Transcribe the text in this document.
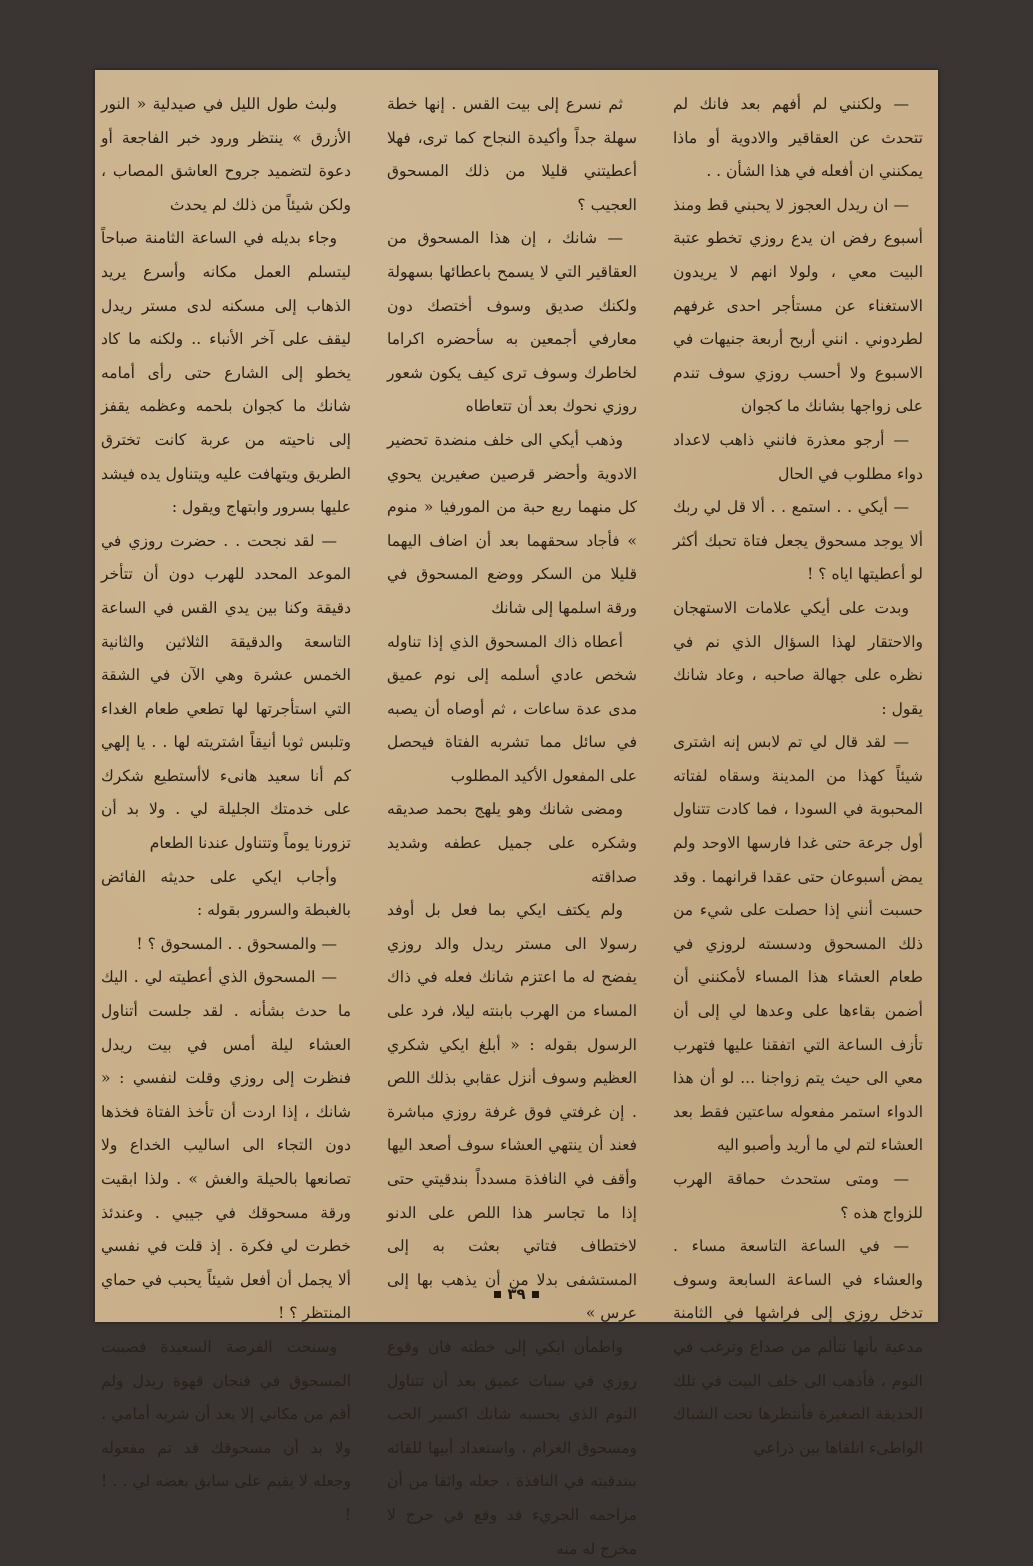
— ولكنني لم أفهم بعد فانك لم تتحدث عن العقاقير والادوية أو ماذا يمكنني ان أفعله في هذا الشأن . .

— ان ريدل العجوز لا يحبني قط ومنذ أسبوع رفض ان يدع روزي تخطو عتبة البيت معي ، ولولا انهم لا يريدون الاستغناء عن مستأجر احدى غرفهم لطردوني . انني أربح أربعة جنيهات في الاسبوع ولا أحسب روزي سوف تندم على زواجها بشانك ما كجوان

— أرجو معذرة فانني ذاهب لاعداد دواء مطلوب في الحال

— أيكي . . استمع . . ألا قل لي ربك ألا يوجد مسحوق يجعل فتاة تحبك أكثر لو أعطيتها اياه ؟ !

وبدت على أيكي علامات الاستهجان والاحتقار لهذا السؤال الذي نم في نظره على جهالة صاحبه ، وعاد شانك يقول :

— لقد قال لي تم لابس إنه اشترى شيئاً كهذا من المدينة وسقاه لفتاته المحبوبة في السودا ، فما كادت تتناول أول جرعة حتى غدا فارسها الاوحد ولم يمض أسبوعان حتى عقدا قرانهما . وقد حسبت أنني إذا حصلت على شيء من ذلك المسحوق ودسسته لروزي في طعام العشاء هذا المساء لأمكنني أن أضمن بقاءها على وعدها لي إلى أن تأزف الساعة التي اتفقنا عليها فتهرب معي الى حيث يتم زواجنا ... لو أن هذا الدواء استمر مفعوله ساعتين فقط بعد العشاء لتم لي ما أريد وأصبو اليه

— ومتى ستحدث حماقة الهرب للزواج هذه ؟

— في الساعة التاسعة مساء . والعشاء في الساعة السابعة وسوف تدخل روزي إلى فراشها في الثامنة مدعية بأنها تتألم من صداع وترغب في النوم ، فأذهب الى خلف البيت في تلك الحديقة الصغيرة فأنتظرها تحت الشباك الواطىء اتلقاها بين ذراعي

ثم نسرع إلى بيت القس . إنها خطة سهلة جداً وأكيدة النجاح كما ترى، فهلا أعطيتني قليلا من ذلك المسحوق العجيب ؟

— شانك ، إن هذا المسحوق من العقاقير التي لا يسمح باعطائها بسهولة ولكنك صديق وسوف أختصك دون معارفي أجمعين به سأحضره اكراما لخاطرك وسوف ترى كيف يكون شعور روزي نحوك بعد أن تتعاطاه

وذهب أيكي الى خلف منضدة تحضير الادوية وأحضر قرصين صغيرين يحوي كل منهما ربع حبة من المورفيا « منوم » فأجاد سحقهما بعد أن اضاف اليهما قليلا من السكر ووضع المسحوق في ورقة اسلمها إلى شانك

أعطاه ذاك المسحوق الذي إذا تناوله شخص عادي أسلمه إلى نوم عميق مدى عدة ساعات ، ثم أوصاه أن يصبه في سائل مما تشربه الفتاة فيحصل على المفعول الأكيد المطلوب

ومضى شانك وهو يلهج بحمد صديقه وشكره على جميل عطفه وشديد صداقته

ولم يكتف ايكي بما فعل بل أوفد رسولا الى مستر ريدل والد روزي يفضح له ما اعتزم شانك فعله في ذاك المساء من الهرب بابنته ليلا، فرد على الرسول بقوله : « أبلغ ايكي شكري العظيم وسوف أنزل عقابي بذلك اللص . إن غرفتي فوق غرفة روزي مباشرة فعند أن ينتهي العشاء سوف أصعد اليها وأقف في النافذة مسدداً بندقيتي حتى إذا ما تجاسر هذا اللص على الدنو لاختطاف فتاتي بعثت به إلى المستشفى بدلا من أن يذهب بها إلى عرس »

واطمأن ايكي إلى خطته فان وقوع روزي في سبات عميق بعد أن تتناول النوم الذي يحسبه شانك اكسير الحب ومسحوق الغرام ، واستعداد أبيها للقائه ببندقيته في النافذة ، جعله واثقا من أن مزاحمه الجريء قد وقع في حرج لا مخرج له منه

ولبث طول الليل في صيدلية « النور الأزرق » ينتظر ورود خبر الفاجعة أو دعوة لتضميد جروح العاشق المصاب ، ولكن شيئاً من ذلك لم يحدث

وجاء بديله في الساعة الثامنة صباحاً ليتسلم العمل مكانه وأسرع يريد الذهاب إلى مسكنه لدى مستر ريدل ليقف على آخر الأنباء .. ولكنه ما كاد يخطو إلى الشارع حتى رأى أمامه شانك ما كجوان بلحمه وعظمه يقفز إلى ناحيته من عربة كانت تخترق الطريق ويتهافت عليه ويتناول يده فيشد عليها بسرور وابتهاج ويقول :

— لقد نجحت . . حضرت روزي في الموعد المحدد للهرب دون أن تتأخر دقيقة وكنا بين يدي القس في الساعة التاسعة والدقيقة الثلاثين والثانية الخمس عشرة وهي الآن في الشقة التي استأجرتها لها تطعي طعام الغداء وتلبس ثوبا أنيقاً اشتريته لها . . يا إلهي كم أنا سعيد هانىء لاأستطيع شكرك على خدمتك الجليلة لي . ولا بد أن تزورنا يوماً وتتناول عندنا الطعام

وأجاب ايكي على حديثه الفائض بالغبطة والسرور بقوله :

— والمسحوق . . المسحوق ؟ !

— المسحوق الذي أعطيته لي . اليك ما حدث بشأنه . لقد جلست أتناول العشاء ليلة أمس في بيت ريدل فنظرت إلى روزي وقلت لنفسي : « شانك ، إذا اردت أن تأخذ الفتاة فخذها دون التجاء الى اساليب الخداع ولا تصانعها بالحيلة والغش » . ولذا ابقيت ورقة مسحوقك في جيبي . وعندئذ خطرت لي فكرة . إذ قلت في نفسي ألا يجمل أن أفعل شيئاً يحبب في حماي المنتظر ؟ !

وسنحت الفرصة السعيدة فصببت المسحوق في فنجان قهوة ريدل ولم أقم من مكاني إلا بعد أن شربه أمامي ، ولا بد أن مسحوقك قد تم مفعوله وجعله لا يقيم على سابق بغضه لي . . ! !

٣٩
